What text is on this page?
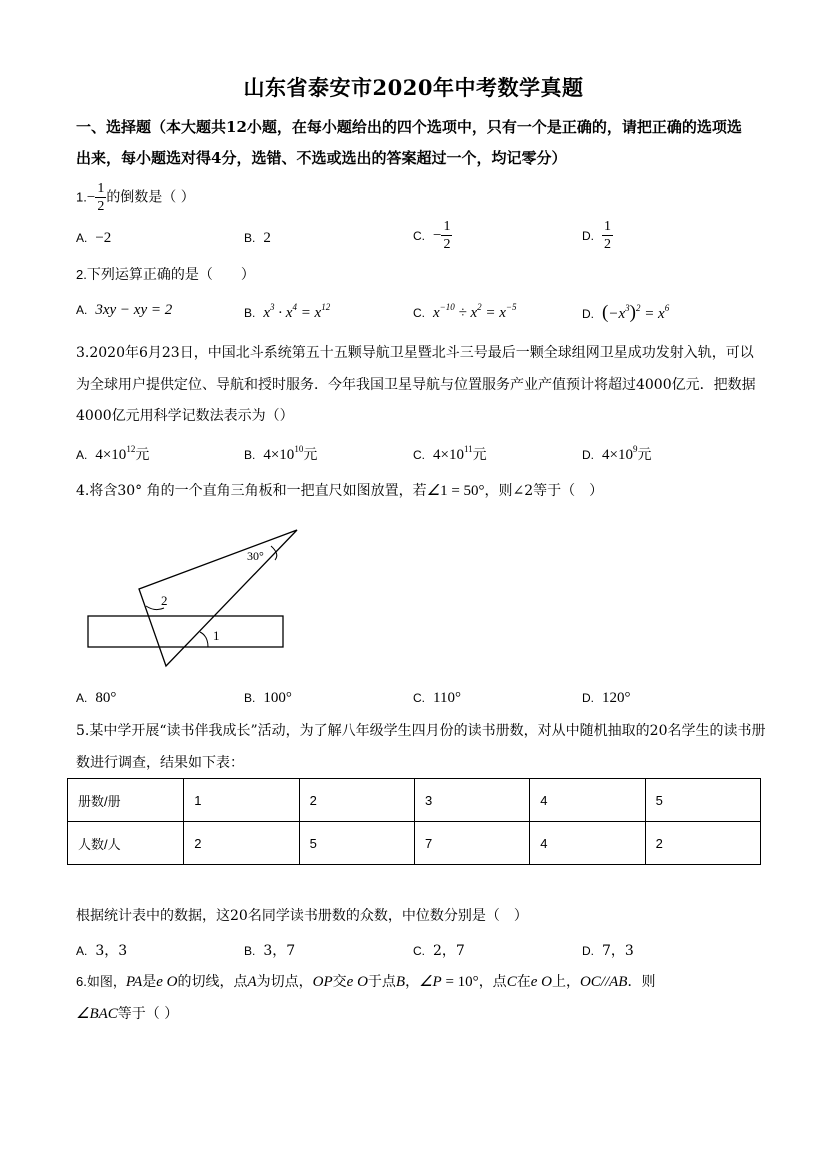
山东省泰安市2020年中考数学真题
一、选择题（本大题共12小题，在每小题给出的四个选项中，只有一个是正确的，请把正确的选项选出来，每小题选对得4分，选错、不选或选出的答案超过一个，均记零分）
$1.- \frac{1}{2}$ 的倒数是（ ）
A. −2	B. 2	C. − $\frac{1}{2}$	D. $\frac{1}{2}$
2.下列运算正确的是（　　）
A. 3xy − xy = 2	B. $x^3 \cdot x^4 = x^{12}$	C. $x^{-10} \div x^2 = x^{-5}$	D. $(-x^3)^2 = x^6$
3.2020年6月23日，中国北斗系统第五十五颗导航卫星暨北斗三号最后一颗全球组网卫星成功发射入轨，可以为全球用户提供定位、导航和授时服务．今年我国卫星导航与位置服务产业产值预计将超过4000亿元．把数据4000亿元用科学记数法表示为（）
A. $4\times 10^{12}$元	B. $4\times 10^{10}$元	C. $4\times 10^{11}$元	D. $4\times 10^9$元
4.将含30° 角的一个直角三角板和一把直尺如图放置，若∠1 = 50°，则∠2等于（　）
30°
2
1
A. 80°	B. 100°	C. 110°	D. 120°
5.某中学开展“读书伴我成长”活动，为了解八年级学生四月份的读书册数，对从中随机抽取的20名学生的读书册数进行调查，结果如下表：
册数/册	1	2	3	4	5
人数/人	2	5	7	4	2
根据统计表中的数据，这20名同学读书册数的众数，中位数分别是（　）
A. 3，3	B. 3，7	C. 2，7	D. 7，3
6.如图，PA是e O的切线，点A为切点，OP交e O于点B，∠P = 10°，点C在e O上，OC//AB．则
∠BAC等于（ ）
